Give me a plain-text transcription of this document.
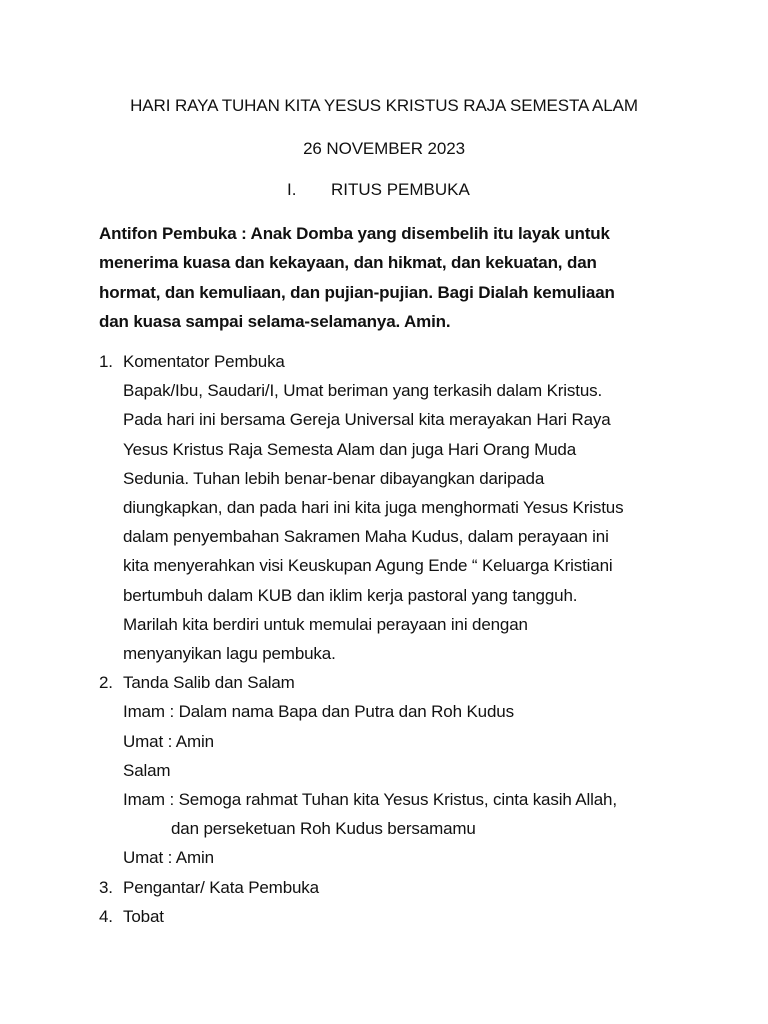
HARI RAYA TUHAN KITA YESUS KRISTUS RAJA SEMESTA ALAM
26 NOVEMBER 2023
I. RITUS PEMBUKA
Antifon Pembuka : Anak Domba yang disembelih itu layak untuk
menerima kuasa dan kekayaan, dan hikmat, dan kekuatan, dan
hormat, dan kemuliaan, dan pujian-pujian. Bagi Dialah kemuliaan
dan kuasa sampai selama-selamanya. Amin.
1. Komentator Pembuka
Bapak/Ibu, Saudari/I, Umat beriman yang terkasih dalam Kristus.
Pada hari ini bersama Gereja Universal kita merayakan Hari Raya
Yesus Kristus Raja Semesta Alam dan juga Hari Orang Muda
Sedunia. Tuhan lebih benar-benar dibayangkan daripada
diungkapkan, dan pada hari ini kita juga menghormati Yesus Kristus
dalam penyembahan Sakramen Maha Kudus, dalam perayaan ini
kita menyerahkan visi Keuskupan Agung Ende “ Keluarga Kristiani
bertumbuh dalam KUB dan iklim kerja pastoral yang tangguh.
Marilah kita berdiri untuk memulai perayaan ini dengan
menyanyikan lagu pembuka.
2. Tanda Salib dan Salam
Imam : Dalam nama Bapa dan Putra dan Roh Kudus
Umat : Amin
Salam
Imam : Semoga rahmat Tuhan kita Yesus Kristus, cinta kasih Allah,
dan perseketuan Roh Kudus bersamamu
Umat : Amin
3. Pengantar/ Kata Pembuka
4. Tobat
